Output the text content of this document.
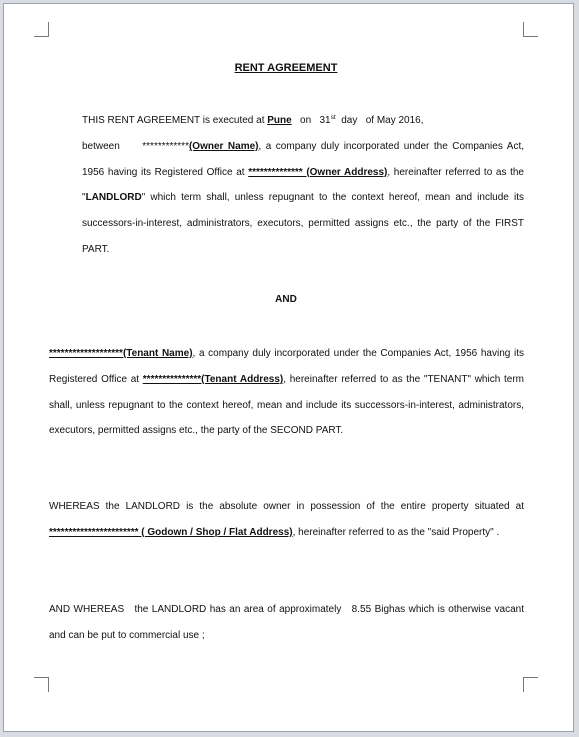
RENT AGREEMENT

THIS RENT AGREEMENT is executed at Pune   on   31st  day   of May 2016,
between     ************(Owner Name), a company duly incorporated under the Companies Act, 1956 having its Registered Office at ************** (Owner Address), hereinafter referred to as the "LANDLORD" which term shall, unless repugnant to the context hereof, mean and include its successors-in-interest, administrators, executors, permitted assigns etc., the party of the FIRST PART.

AND

*******************(Tenant Name), a company duly incorporated under the Companies Act, 1956 having its Registered Office at ***************(Tenant Address), hereinafter referred to as the "TENANT" which term shall, unless repugnant to the context hereof, mean and include its successors-in-interest, administrators, executors, permitted assigns etc., the party of the SECOND PART.

WHEREAS the LANDLORD is the absolute owner in possession of the entire property situated at *********************** ( Godown / Shop / Flat Address), hereinafter referred to as the "said Property" .

AND WHEREAS   the LANDLORD has an area of approximately   8.55 Bighas which is otherwise vacant and can be put to commercial use ;
